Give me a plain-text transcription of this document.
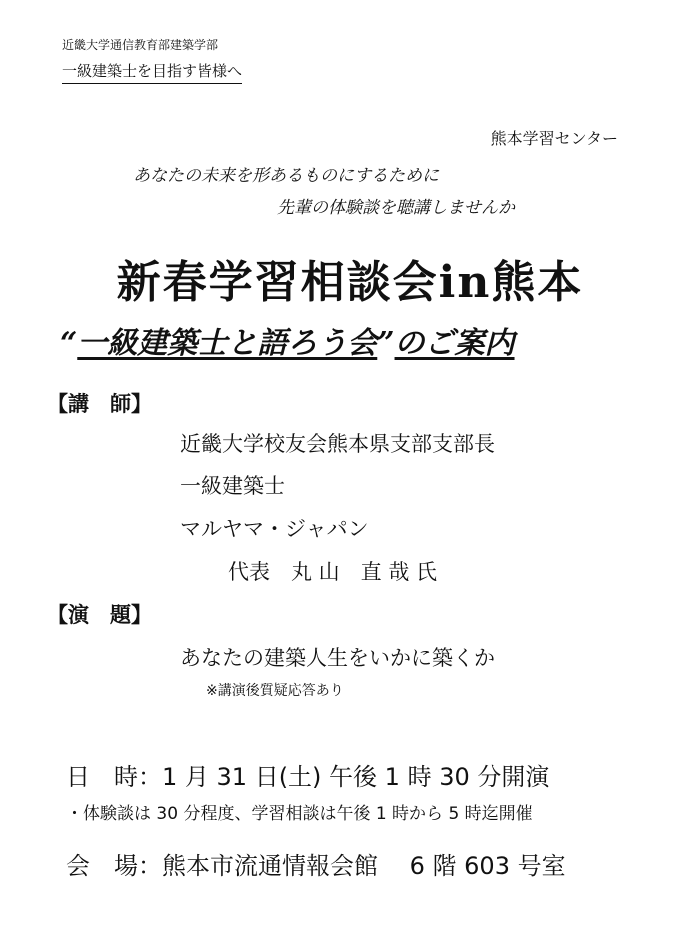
近畿大学通信教育部建築学部
一級建築士を目指す皆様へ
熊本学習センター
あなたの未来を形あるものにするために
先輩の体験談を聴講しませんか
新春学習相談会in熊本
“一級建築士と語ろう会”のご案内
【講　師】
近畿大学校友会熊本県支部支部長
一級建築士
マルヤマ・ジャパン
代表　丸 山　直 哉 氏
【演　題】
あなたの建築人生をいかに築くか
※講演後質疑応答あり
日　時：1 月 31 日(土) 午後 1 時 30 分開演
・体験談は 30 分程度、学習相談は午後 1 時から 5 時迄開催
会　場：熊本市流通情報会館　 6 階 603 号室
